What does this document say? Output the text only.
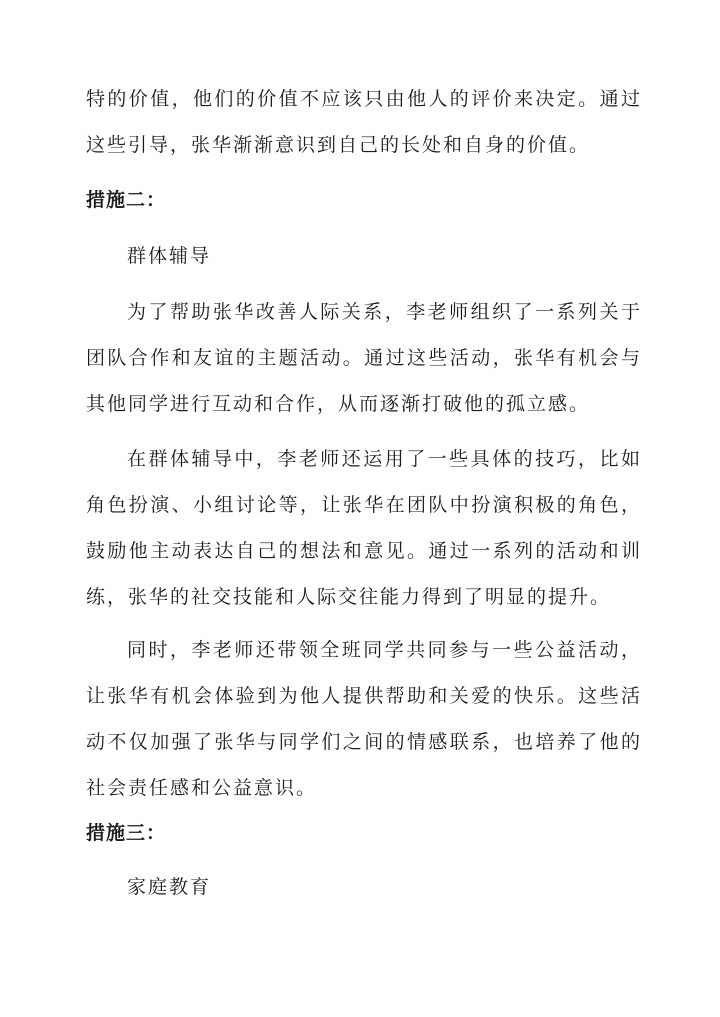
特的价值，他们的价值不应该只由他人的评价来决定。通过这些引导，张华渐渐意识到自己的长处和自身的价值。

措施二：

群体辅导

为了帮助张华改善人际关系，李老师组织了一系列关于团队合作和友谊的主题活动。通过这些活动，张华有机会与其他同学进行互动和合作，从而逐渐打破他的孤立感。

在群体辅导中，李老师还运用了一些具体的技巧，比如角色扮演、小组讨论等，让张华在团队中扮演积极的角色，鼓励他主动表达自己的想法和意见。通过一系列的活动和训练，张华的社交技能和人际交往能力得到了明显的提升。

同时，李老师还带领全班同学共同参与一些公益活动，让张华有机会体验到为他人提供帮助和关爱的快乐。这些活动不仅加强了张华与同学们之间的情感联系，也培养了他的社会责任感和公益意识。

措施三：

家庭教育
